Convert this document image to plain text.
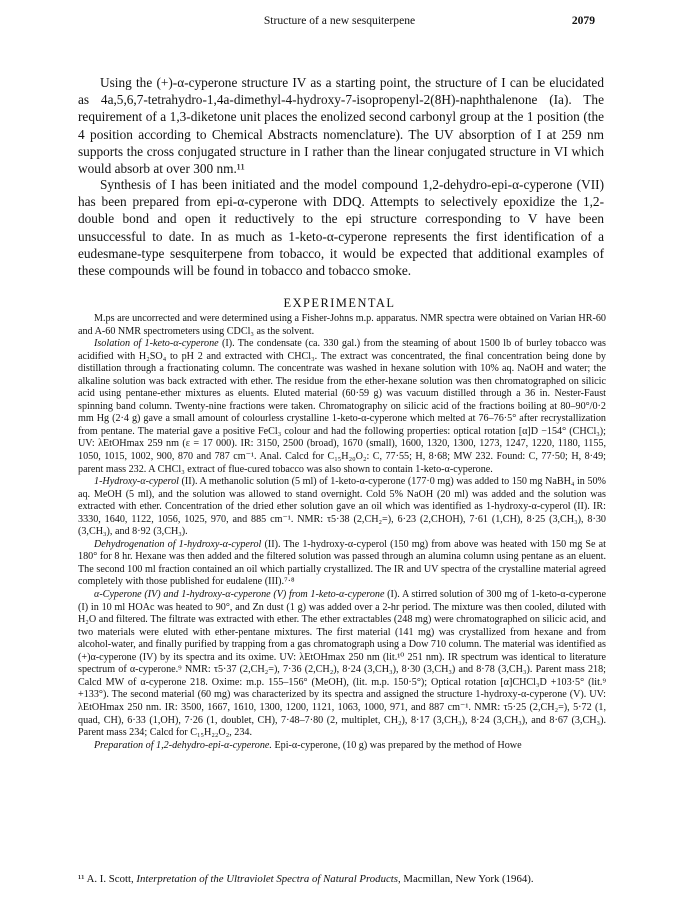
Structure of a new sesquiterpene	2079

Using the (+)-α-cyperone structure IV as a starting point, the structure of I can be elucidated as 4a,5,6,7-tetrahydro-1,4a-dimethyl-4-hydroxy-7-isopropenyl-2(8H)-naphthalenone (Ia). The requirement of a 1,3-diketone unit places the enolized second carbonyl group at the 1 position (the 4 position according to Chemical Abstracts nomenclature). The UV absorption of I at 259 nm supports the cross conjugated structure in I rather than the linear conjugated structure in VI which would absorb at over 300 nm.¹¹

Synthesis of I has been initiated and the model compound 1,2-dehydro-epi-α-cyperone (VII) has been prepared from epi-α-cyperone with DDQ. Attempts to selectively epoxidize the 1,2-double bond and open it reductively to the epi structure corresponding to V have been unsuccessful to date. In as much as 1-keto-α-cyperone represents the first identification of a eudesmane-type sesquiterpene from tobacco, it would be expected that additional examples of these compounds will be found in tobacco and tobacco smoke.

EXPERIMENTAL

M.ps are uncorrected and were determined using a Fisher-Johns m.p. apparatus. NMR spectra were obtained on Varian HR-60 and A-60 NMR spectrometers using CDCl₃ as the solvent.

Isolation of 1-keto-α-cyperone (I). The condensate (ca. 330 gal.) from the steaming of about 1500 lb of burley tobacco was acidified with H₂SO₄ to pH 2 and extracted with CHCl₃. The extract was concentrated, the final concentration being done by distillation through a fractionating column. The concentrate was washed in hexane solution with 10% aq. NaOH and water; the alkaline solution was back extracted with ether. The residue from the ether-hexane solution was then chromatographed on silicic acid using pentane-ether mixtures as eluents. Eluted material (60·59 g) was vacuum distilled through a 36 in. Nester-Faust spinning band column. Twenty-nine fractions were taken. Chromatography on silicic acid of the fractions boiling at 80–90°/0·2 mm Hg (2·4 g) gave a small amount of colourless crystalline 1-keto-α-cyperone which melted at 76–76·5° after recrystallization from pentane. The material gave a positive FeCl₃ colour and had the following properties: optical rotation [α]D −154° (CHCl₃); UV: λEtOHmax 259 nm (ε = 17 000). IR: 3150, 2500 (broad), 1670 (small), 1600, 1320, 1300, 1273, 1247, 1220, 1180, 1155, 1050, 1015, 1002, 900, 870 and 787 cm⁻¹. Anal. Calcd for C₁₅H₂₀O₂: C, 77·55; H, 8·68; MW 232. Found: C, 77·50; H, 8·49; parent mass 232. A CHCl₃ extract of flue-cured tobacco was also shown to contain 1-keto-α-cyperone.

1-Hydroxy-α-cyperol (II). A methanolic solution (5 ml) of 1-keto-α-cyperone (177·0 mg) was added to 150 mg NaBH₄ in 50% aq. MeOH (5 ml), and the solution was allowed to stand overnight. Cold 5% NaOH (20 ml) was added and the solution was extracted with ether. Concentration of the dried ether solution gave an oil which was identified as 1-hydroxy-α-cyperol (II). IR: 3330, 1640, 1122, 1056, 1025, 970, and 885 cm⁻¹. NMR: τ5·38 (2,CH₂=), 6·23 (2,CHOH), 7·61 (1,CH), 8·25 (3,CH₃), 8·30 (3,CH₃), and 8·92 (3,CH₃).

Dehydrogenation of 1-hydroxy-α-cyperol (II). The 1-hydroxy-α-cyperol (150 mg) from above was heated with 150 mg Se at 180° for 8 hr. Hexane was then added and the filtered solution was passed through an alumina column using pentane as an eluent. The second 100 ml fraction contained an oil which partially crystallized. The IR and UV spectra of the crystalline material agreed completely with those published for eudalene (III).⁷·⁸

α-Cyperone (IV) and 1-hydroxy-α-cyperone (V) from 1-keto-α-cyperone (I). A stirred solution of 300 mg of 1-keto-α-cyperone (I) in 10 ml HOAc was heated to 90°, and Zn dust (1 g) was added over a 2-hr period. The mixture was then cooled, diluted with H₂O and filtered. The filtrate was extracted with ether. The ether extractables (248 mg) were chromatographed on silicic acid, and two materials were eluted with ether-pentane mixtures. The first material (141 mg) was crystallized from hexane and from alcohol-water, and finally purified by trapping from a gas chromatograph using a Dow 710 column. The material was identified as (+)α-cyperone (IV) by its spectra and its oxime. UV: λEtOHmax 250 nm (lit.¹⁰ 251 nm). IR spectrum was identical to literature spectrum of α-cyperone.⁹ NMR: τ5·37 (2,CH₂=), 7·36 (2,CH₂), 8·24 (3,CH₃), 8·30 (3,CH₃) and 8·78 (3,CH₃). Parent mass 218; Calcd MW of α-cyperone 218. Oxime: m.p. 155–156° (MeOH), (lit. m.p. 150·5°); Optical rotation [α]CHCl₃D +103·5° (lit.⁹ +133°). The second material (60 mg) was characterized by its spectra and assigned the structure 1-hydroxy-α-cyperone (V). UV: λEtOHmax 250 nm. IR: 3500, 1667, 1610, 1300, 1200, 1121, 1063, 1000, 971, and 887 cm⁻¹. NMR: τ5·25 (2,CH₂=), 5·72 (1, quad, CH), 6·33 (1,OH), 7·26 (1, doublet, CH), 7·48–7·80 (2, multiplet, CH₂), 8·17 (3,CH₃), 8·24 (3,CH₃), and 8·67 (3,CH₃). Parent mass 234; Calcd for C₁₅H₂₂O₂, 234.

Preparation of 1,2-dehydro-epi-α-cyperone. Epi-α-cyperone, (10 g) was prepared by the method of Howe

¹¹ A. I. Scott, Interpretation of the Ultraviolet Spectra of Natural Products, Macmillan, New York (1964).
